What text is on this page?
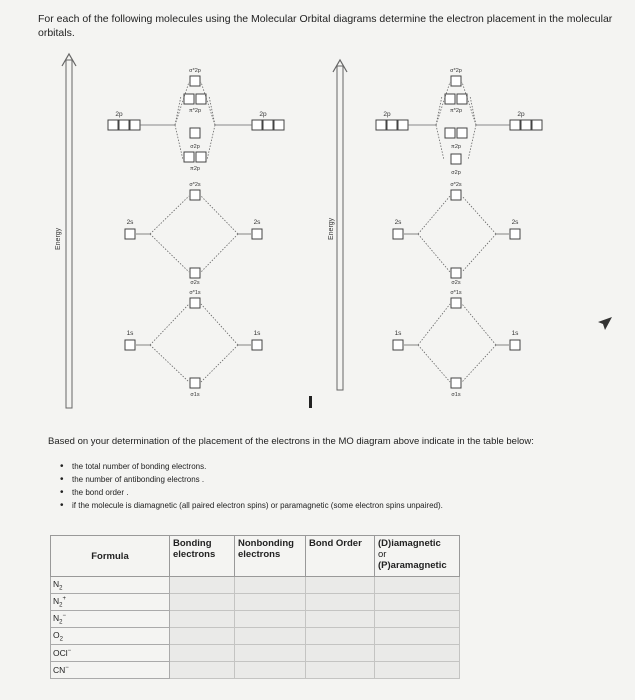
For each of the following molecules using the Molecular Orbital diagrams determine the electron placement in the molecular orbitals.
Energy	Energy
2p	2p
2s	2s
1s	1s
σ*2p
π*2p
σ2p
π2p
σ*2s
σ2s
σ*1s
σ1s
2p	2p
2s	2s
1s	1s
σ*2p
π*2p
π2p
σ2p
σ*2s
σ2s
σ*1s
σ1s
Based on your determination of the placement of the electrons in the MO diagram above indicate in the table below:
• the total number of bonding electrons.
• the number of antibonding electrons .
• the bond order .
• if the molecule is diamagnetic (all paired electron spins) or paramagnetic (some electron spins unpaired).
Formula	Bonding electrons	Nonbonding electrons	Bond Order	(D)iamagnetic
or
(P)aramagnetic
$N_2$				
$N_2^+$				
$N_2^-$				
$O_2$				
OCl−				
CN−				
